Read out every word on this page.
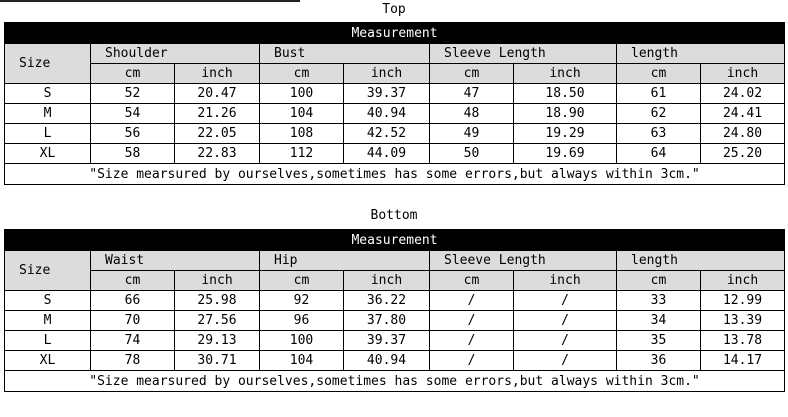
Top
Measurement								
Size	Shoulder		Bust		Sleeve Length		length	
	cm	inch	cm	inch	cm	inch	cm	inch
S	52	20.47	100	39.37	47	18.50	61	24.02
M	54	21.26	104	40.94	48	18.90	62	24.41
L	56	22.05	108	42.52	49	19.29	63	24.80
XL	58	22.83	112	44.09	50	19.69	64	25.20
"Size mearsured by ourselves,sometimes has some errors,but always within 3cm."								
Bottom
Measurement								
Size	Waist		Hip		Sleeve Length		length	
	cm	inch	cm	inch	cm	inch	cm	inch
S	66	25.98	92	36.22	/	/	33	12.99
M	70	27.56	96	37.80	/	/	34	13.39
L	74	29.13	100	39.37	/	/	35	13.78
XL	78	30.71	104	40.94	/	/	36	14.17
"Size mearsured by ourselves,sometimes has some errors,but always within 3cm."								
